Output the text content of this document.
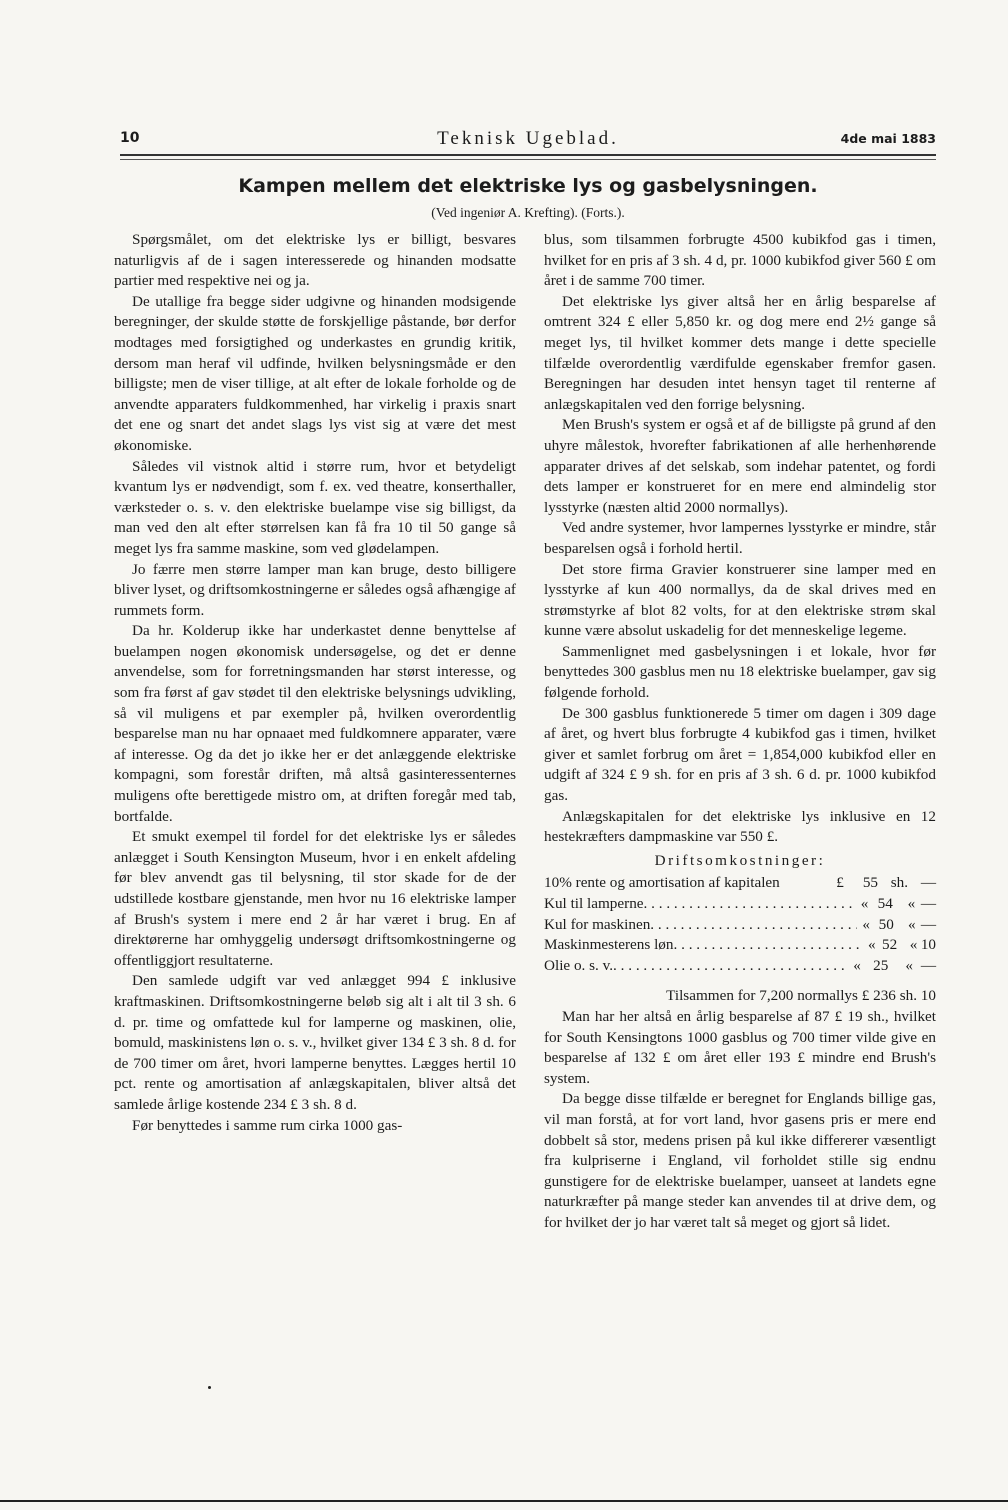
10	Teknisk Ugeblad.	4de mai 1883
Kampen mellem det elektriske lys og gasbelysningen.
(Ved ingeniør A. Krefting). (Forts.).

Spørgsmålet, om det elektriske lys er billigt, besvares naturligvis af de i sagen interesserede og hinanden modsatte partier med respektive nei og ja.

De utallige fra begge sider udgivne og hinanden modsigende beregninger, der skulde støtte de forskjellige påstande, bør derfor modtages med forsigtighed og underkastes en grundig kritik, dersom man heraf vil udfinde, hvilken belysningsmåde er den billigste; men de viser tillige, at alt efter de lokale forholde og de anvendte apparaters fuldkommenhed, har virkelig i praxis snart det ene og snart det andet slags lys vist sig at være det mest økonomiske.

Således vil vistnok altid i større rum, hvor et betydeligt kvantum lys er nødvendigt, som f. ex. ved theatre, konserthaller, værksteder o. s. v. den elektriske buelampe vise sig billigst, da man ved den alt efter størrelsen kan få fra 10 til 50 gange så meget lys fra samme maskine, som ved glødelampen.

Jo færre men større lamper man kan bruge, desto billigere bliver lyset, og driftsomkostningerne er således også afhængige af rummets form.

Da hr. Kolderup ikke har underkastet denne benyttelse af buelampen nogen økonomisk undersøgelse, og det er denne anvendelse, som for forretningsmanden har størst interesse, og som fra først af gav stødet til den elektriske belysnings udvikling, så vil muligens et par exempler på, hvilken overordentlig besparelse man nu har opnaaet med fuldkomnere apparater, være af interesse. Og da det jo ikke her er det anlæggende elektriske kompagni, som forestår driften, må altså gasinteressenternes muligens ofte berettigede mistro om, at driften foregår med tab, bortfalde.

Et smukt exempel til fordel for det elektriske lys er således anlægget i South Kensington Museum, hvor i en enkelt afdeling før blev anvendt gas til belysning, til stor skade for de der udstillede kostbare gjenstande, men hvor nu 16 elektriske lamper af Brush's system i mere end 2 år har været i brug. En af direktørerne har omhyggelig undersøgt driftsomkostningerne og offentliggjort resultaterne.

Den samlede udgift var ved anlægget 994 £ inklusive kraftmaskinen. Driftsomkostningerne beløb sig alt i alt til 3 sh. 6 d. pr. time og omfattede kul for lamperne og maskinen, olie, bomuld, maskinistens løn o. s. v., hvilket giver 134 £ 3 sh. 8 d. for de 700 timer om året, hvori lamperne benyttes. Lægges hertil 10 pct. rente og amortisation af anlægskapitalen, bliver altså det samlede årlige kostende 234 £ 3 sh. 8 d.

Før benyttedes i samme rum cirka 1000 gas-

blus, som tilsammen forbrugte 4500 kubikfod gas i timen, hvilket for en pris af 3 sh. 4 d, pr. 1000 kubikfod giver 560 £ om året i de samme 700 timer.

Det elektriske lys giver altså her en årlig besparelse af omtrent 324 £ eller 5,850 kr. og dog mere end 2½ gange så meget lys, til hvilket kommer dets mange i dette specielle tilfælde overordentlig værdifulde egenskaber fremfor gasen. Beregningen har desuden intet hensyn taget til renterne af anlægskapitalen ved den forrige belysning.

Men Brush's system er også et af de billigste på grund af den uhyre målestok, hvorefter fabrikationen af alle herhenhørende apparater drives af det selskab, som indehar patentet, og fordi dets lamper er konstrueret for en mere end almindelig stor lysstyrke (næsten altid 2000 normallys).

Ved andre systemer, hvor lampernes lysstyrke er mindre, står besparelsen også i forhold hertil.

Det store firma Gravier konstruerer sine lamper med en lysstyrke af kun 400 normallys, da de skal drives med en strømstyrke af blot 82 volts, for at den elektriske strøm skal kunne være absolut uskadelig for det menneskelige legeme.

Sammenlignet med gasbelysningen i et lokale, hvor før benyttedes 300 gasblus men nu 18 elektriske buelamper, gav sig følgende forhold.

De 300 gasblus funktionerede 5 timer om dagen i 309 dage af året, og hvert blus forbrugte 4 kubikfod gas i timen, hvilket giver et samlet forbrug om året = 1,854,000 kubikfod eller en udgift af 324 £ 9 sh. for en pris af 3 sh. 6 d. pr. 1000 kubikfod gas.

Anlægskapitalen for det elektriske lys inklusive en 12 hestekræfters dampmaskine var 550 £.

Driftsomkostninger:
10% rente og amortisation af kapitalen	£	55 sh. —
Kul til lamperne . . .	« 54 « —
Kul for maskinen . . .	« 50 « —
Maskinmesterens løn . . .	« 52 « 10
Olie o. s. v. . . .	« 25	« —

Tilsammen for 7,200 normallys £ 236 sh. 10

Man har her altså en årlig besparelse af 87 £ 19 sh., hvilket for South Kensingtons 1000 gasblus og 700 timer vilde give en besparelse af 132 £ om året eller 193 £ mindre end Brush's system.

Da begge disse tilfælde er beregnet for Englands billige gas, vil man forstå, at for vort land, hvor gasens pris er mere end dobbelt så stor, medens prisen på kul ikke differerer væsentligt fra kulpriserne i England, vil forholdet stille sig endnu gunstigere for de elektriske buelamper, uanseet at landets egne naturkræfter på mange steder kan anvendes til at drive dem, og for hvilket der jo har været talt så meget og gjort så lidet.
